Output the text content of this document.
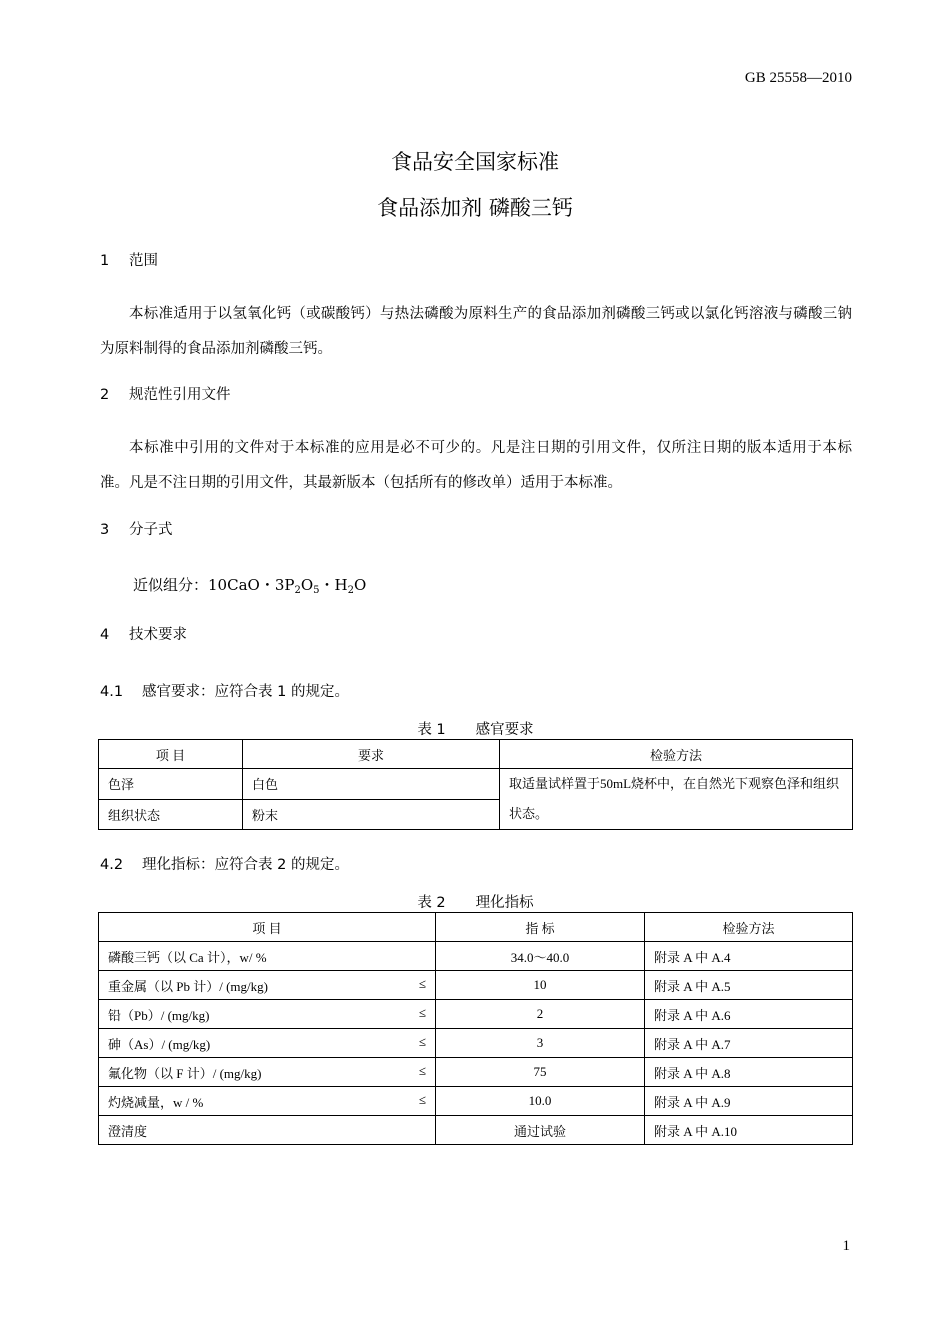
GB 25558—2010
食品安全国家标准
食品添加剂 磷酸三钙
1 范围
本标准适用于以氢氧化钙（或碳酸钙）与热法磷酸为原料生产的食品添加剂磷酸三钙或以氯化钙溶液与磷酸三钠为原料制得的食品添加剂磷酸三钙。
2 规范性引用文件
本标准中引用的文件对于本标准的应用是必不可少的。凡是注日期的引用文件，仅所注日期的版本适用于本标准。凡是不注日期的引用文件，其最新版本（包括所有的修改单）适用于本标准。
3 分子式
近似组分：10CaO・$3P_2O_5$・$H_2O$
4 技术要求
4.1 感官要求：应符合表 1 的规定。
表 1 感官要求
项 目	要求	检验方法
色泽	白色	取适量试样置于50mL烧杯中，在自然光下观察色泽和组织状态。
组织状态	粉末	
4.2 理化指标：应符合表 2 的规定。
表 2 理化指标
项 目	指 标	检验方法
磷酸三钙（以 Ca 计），w/ %	34.0～40.0	附录 A 中 A.4
重金属（以 Pb 计）/ (mg/kg) ≤	10	附录 A 中 A.5
铅（Pb）/ (mg/kg) ≤	2	附录 A 中 A.6
砷（As）/ (mg/kg) ≤	3	附录 A 中 A.7
氟化物（以 F 计）/ (mg/kg) ≤	75	附录 A 中 A.8
灼烧减量，w / % ≤	10.0	附录 A 中 A.9
澄清度	通过试验	附录 A 中 A.10
1
